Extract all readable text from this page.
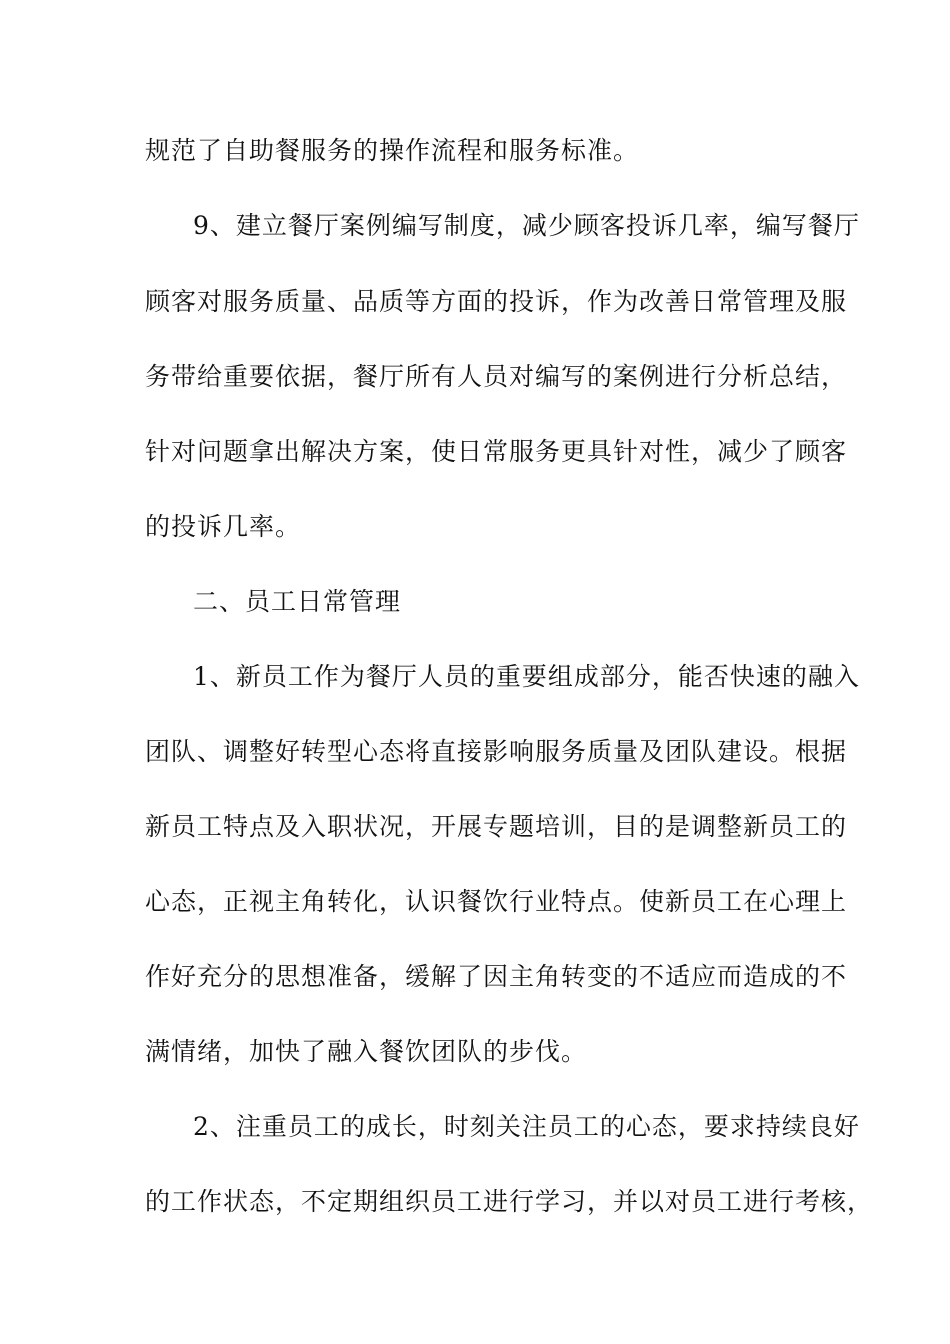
规范了自助餐服务的操作流程和服务标准。
9、建立餐厅案例编写制度，减少顾客投诉几率，编写餐厅
顾客对服务质量、品质等方面的投诉，作为改善日常管理及服
务带给重要依据，餐厅所有人员对编写的案例进行分析总结，
针对问题拿出解决方案，使日常服务更具针对性，减少了顾客
的投诉几率。
二、员工日常管理
1、新员工作为餐厅人员的重要组成部分，能否快速的融入
团队、调整好转型心态将直接影响服务质量及团队建设。根据
新员工特点及入职状况，开展专题培训，目的是调整新员工的
心态，正视主角转化，认识餐饮行业特点。使新员工在心理上
作好充分的思想准备，缓解了因主角转变的不适应而造成的不
满情绪，加快了融入餐饮团队的步伐。
2、注重员工的成长，时刻关注员工的心态，要求持续良好
的工作状态，不定期组织员工进行学习，并以对员工进行考核，
